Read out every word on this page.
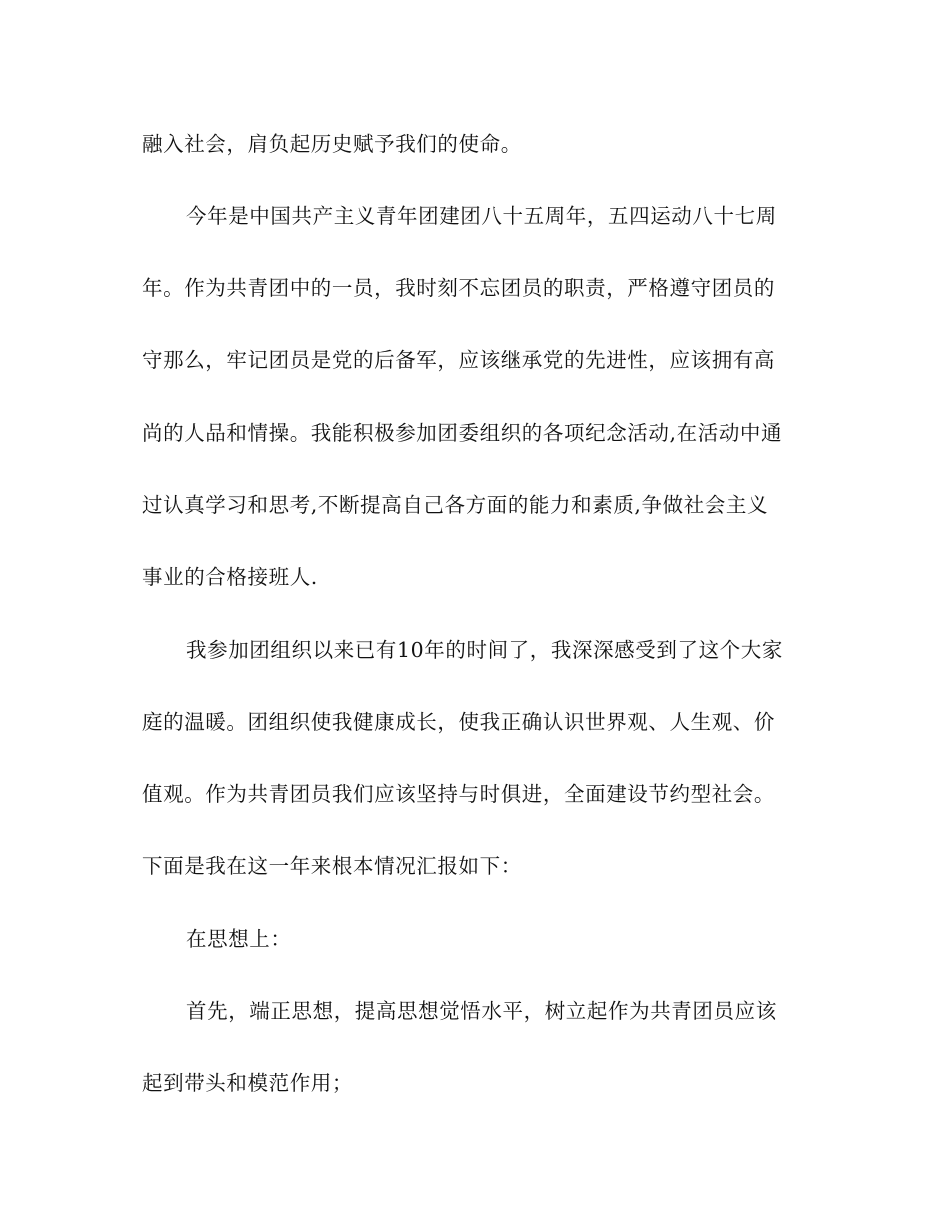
融入社会，肩负起历史赋予我们的使命。
今年是中国共产主义青年团建团八十五周年，五四运动八十七周
年。作为共青团中的一员，我时刻不忘团员的职责，严格遵守团员的
守那么，牢记团员是党的后备军，应该继承党的先进性，应该拥有高
尚的人品和情操。我能积极参加团委组织的各项纪念活动,在活动中通
过认真学习和思考,不断提高自己各方面的能力和素质,争做社会主义
事业的合格接班人.
我参加团组织以来已有10年的时间了，我深深感受到了这个大家
庭的温暖。团组织使我健康成长，使我正确认识世界观、人生观、价
值观。作为共青团员我们应该坚持与时俱进，全面建设节约型社会。
下面是我在这一年来根本情况汇报如下：
在思想上：
首先，端正思想，提高思想觉悟水平，树立起作为共青团员应该
起到带头和模范作用；
